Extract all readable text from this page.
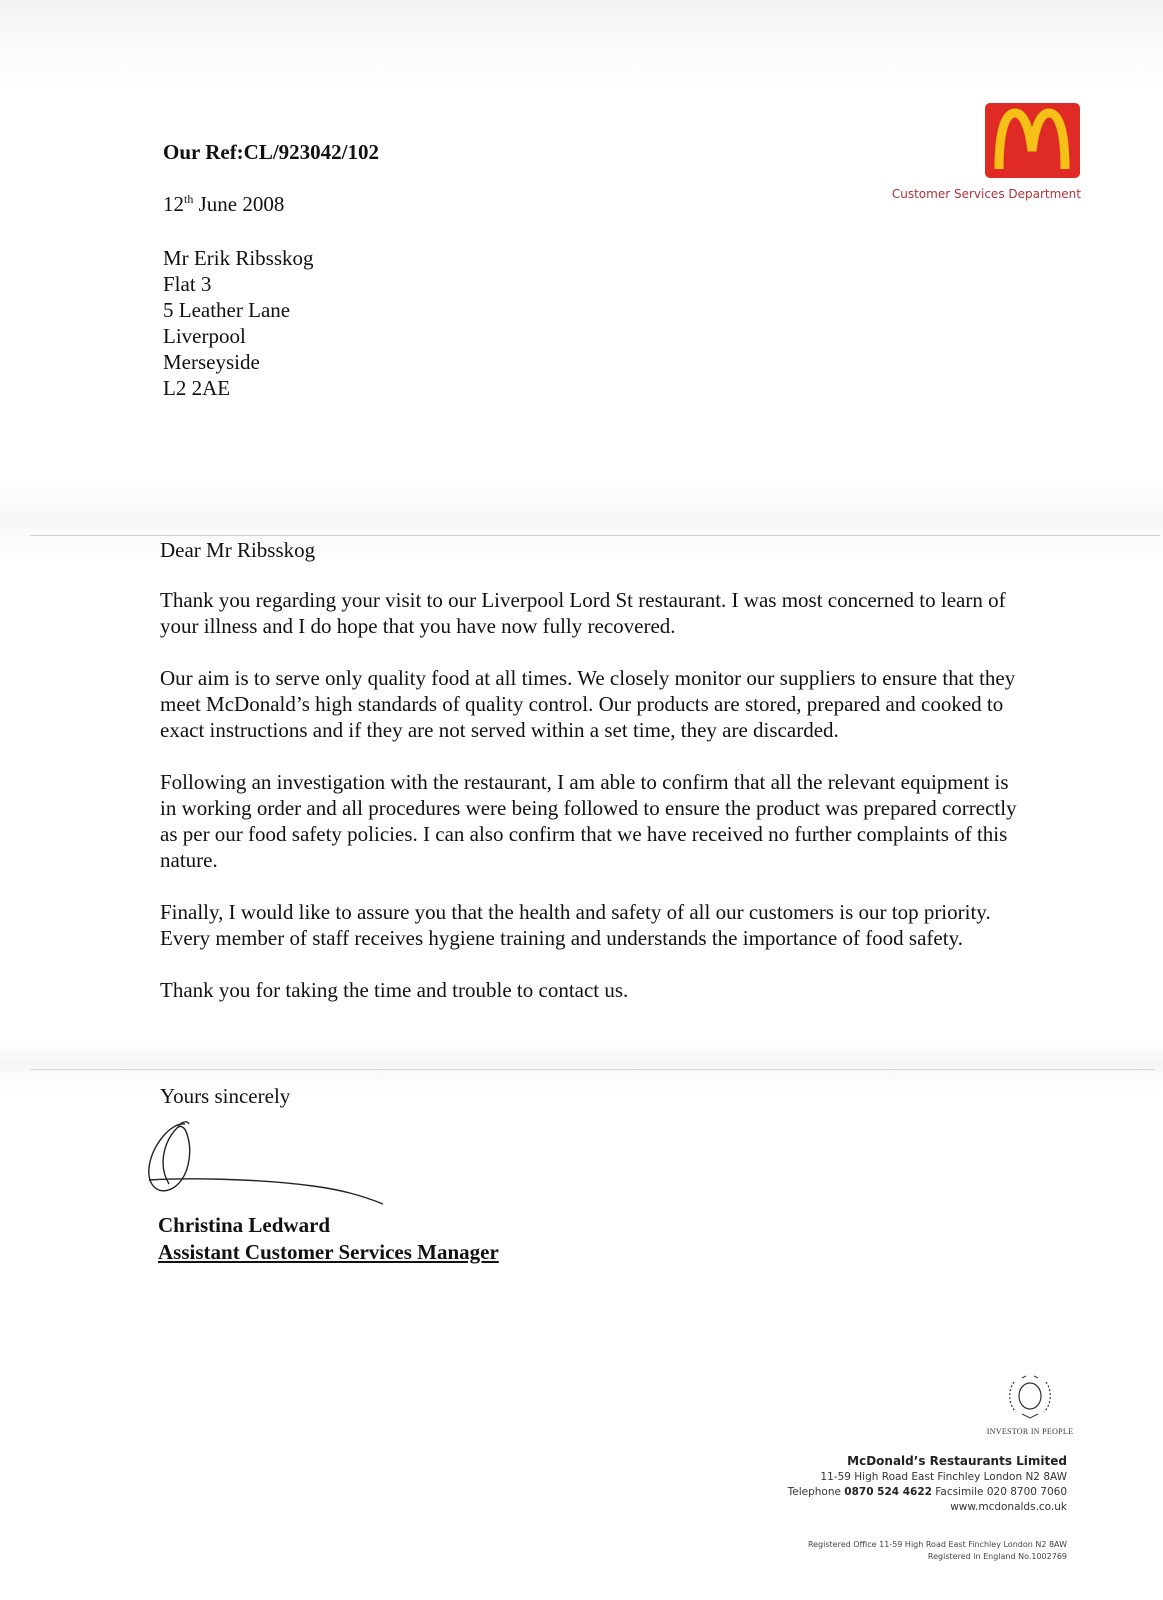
Our Ref:CL/923042/102
12th June 2008
Mr Erik Ribsskog
Flat 3
5 Leather Lane
Liverpool
Merseyside
L2 2AE
Customer Services Department
Dear Mr Ribsskog

Thank you regarding your visit to our Liverpool Lord St restaurant. I was most concerned to learn of your illness and I do hope that you have now fully recovered.

Our aim is to serve only quality food at all times. We closely monitor our suppliers to ensure that they meet McDonald’s high standards of quality control. Our products are stored, prepared and cooked to exact instructions and if they are not served within a set time, they are discarded.

Following an investigation with the restaurant, I am able to confirm that all the relevant equipment is in working order and all procedures were being followed to ensure the product was prepared correctly as per our food safety policies. I can also confirm that we have received no further complaints of this nature.

Finally, I would like to assure you that the health and safety of all our customers is our top priority. Every member of staff receives hygiene training and understands the importance of food safety.

Thank you for taking the time and trouble to contact us.

Yours sincerely
Christina Ledward
Assistant Customer Services Manager
INVESTOR IN PEOPLE
McDonald’s Restaurants Limited
11-59 High Road East Finchley London N2 8AW
Telephone 0870 524 4622 Facsimile 020 8700 7060
www.mcdonalds.co.uk
Registered Office 11-59 High Road East Finchley London N2 8AW
Registered in England No.1002769
